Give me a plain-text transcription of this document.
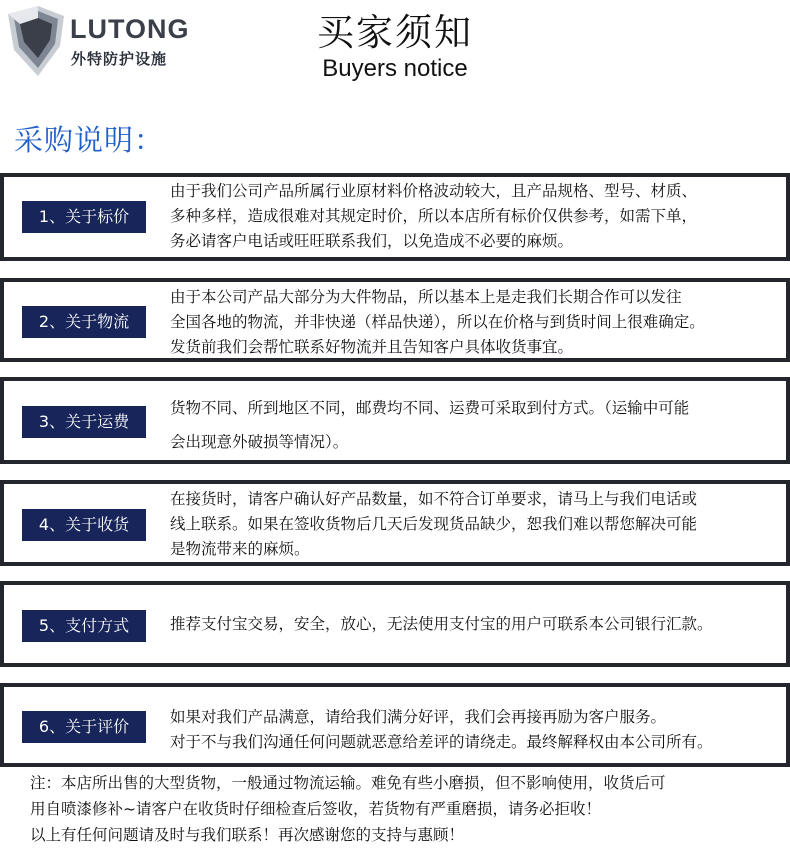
LUTONG
外特防护设施
买家须知
Buyers notice
采购说明：
1、关于标价
由于我们公司产品所属行业原材料价格波动较大，且产品规格、型号、材质、
多种多样，造成很难对其规定时价，所以本店所有标价仅供参考，如需下单，
务必请客户电话或旺旺联系我们，以免造成不必要的麻烦。
2、关于物流
由于本公司产品大部分为大件物品，所以基本上是走我们长期合作可以发往
全国各地的物流，并非快递（样品快递），所以在价格与到货时间上很难确定。
发货前我们会帮忙联系好物流并且告知客户具体收货事宜。
3、关于运费
货物不同、所到地区不同，邮费均不同、运费可采取到付方式。（运输中可能
会出现意外破损等情况）。
4、关于收货
在接货时，请客户确认好产品数量，如不符合订单要求，请马上与我们电话或
线上联系。如果在签收货物后几天后发现货品缺少，恕我们难以帮您解决可能
是物流带来的麻烦。
5、支付方式	推荐支付宝交易，安全，放心，无法使用支付宝的用户可联系本公司银行汇款。
6、关于评价	如果对我们产品满意，请给我们满分好评，我们会再接再励为客户服务。
对于不与我们沟通任何问题就恶意给差评的请绕走。最终解释权由本公司所有。
注：本店所出售的大型货物，一般通过物流运输。难免有些小磨损，但不影响使用，收货后可
用自喷漆修补~请客户在收货时仔细检查后签收，若货物有严重磨损，请务必拒收！
以上有任何问题请及时与我们联系！再次感谢您的支持与惠顾！
